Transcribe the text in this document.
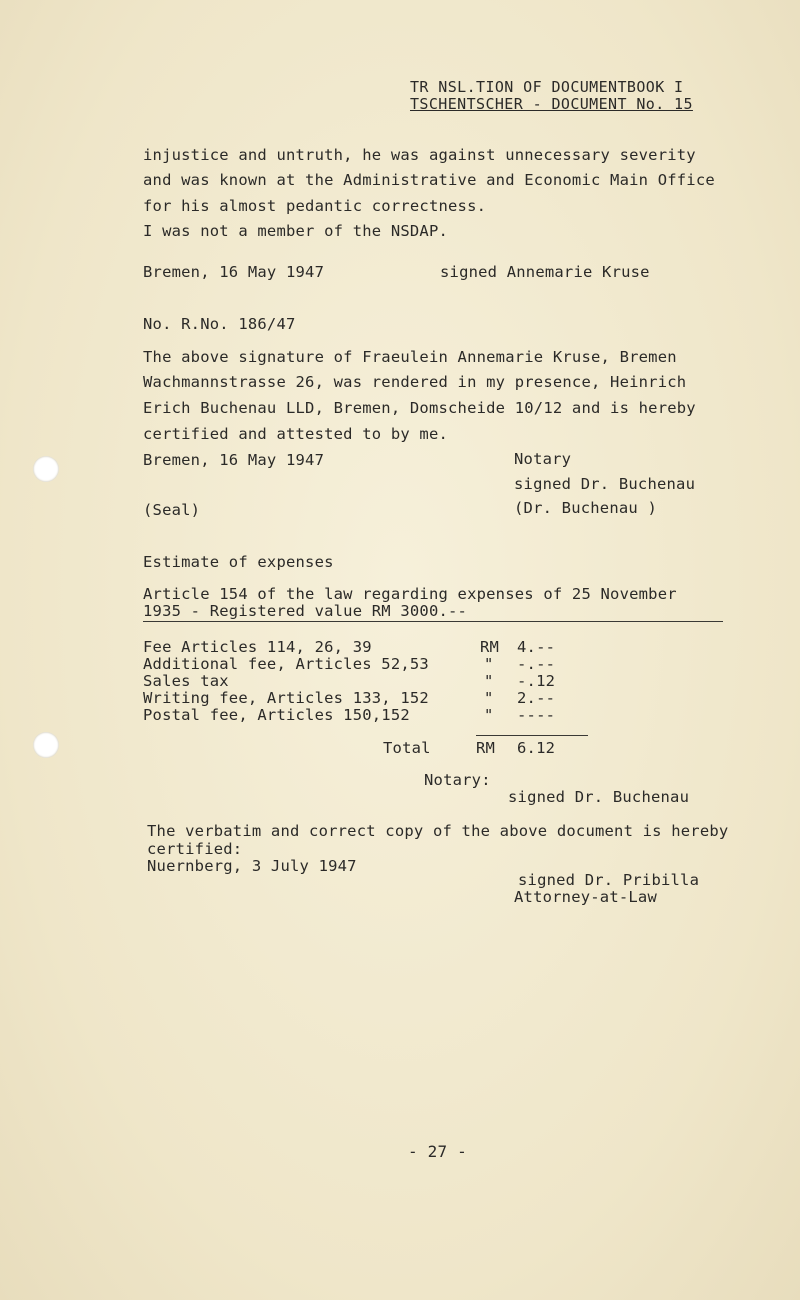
TR NSL.TION OF DOCUMENTBOOK I
TSCHENTSCHER - DOCUMENT No. 15
injustice and untruth, he was against unnecessary severity
and was known at the Administrative and Economic Main Office
for his almost pedantic correctness.
I was not a member of the NSDAP.
Bremen, 16 May 1947	signed Annemarie Kruse
No. R.No. 186/47
The above signature of Fraeulein Annemarie Kruse, Bremen
Wachmannstrasse 26, was rendered in my presence, Heinrich
Erich Buchenau LLD, Bremen, Domscheide 10/12 and is hereby
certified and attested to by me.
Bremen, 16 May 1947	Notary
signed Dr. Buchenau
(Seal)	(Dr. Buchenau )
Estimate of expenses
Article 154 of the law regarding expenses of 25 November
1935 - Registered value RM 3000.--
Fee Articles 114, 26, 39	RM 4.--
Additional fee, Articles 52,53	" -.--
Sales tax	" -.12
Writing fee, Articles 133, 152	" 2.--
Postal fee, Articles 150,152	" ----
Total	RM 6.12
Notary:
signed Dr. Buchenau
The verbatim and correct copy of the above document is hereby
certified:
Nuernberg, 3 July 1947
signed Dr. Pribilla
Attorney-at-Law
- 27 -
